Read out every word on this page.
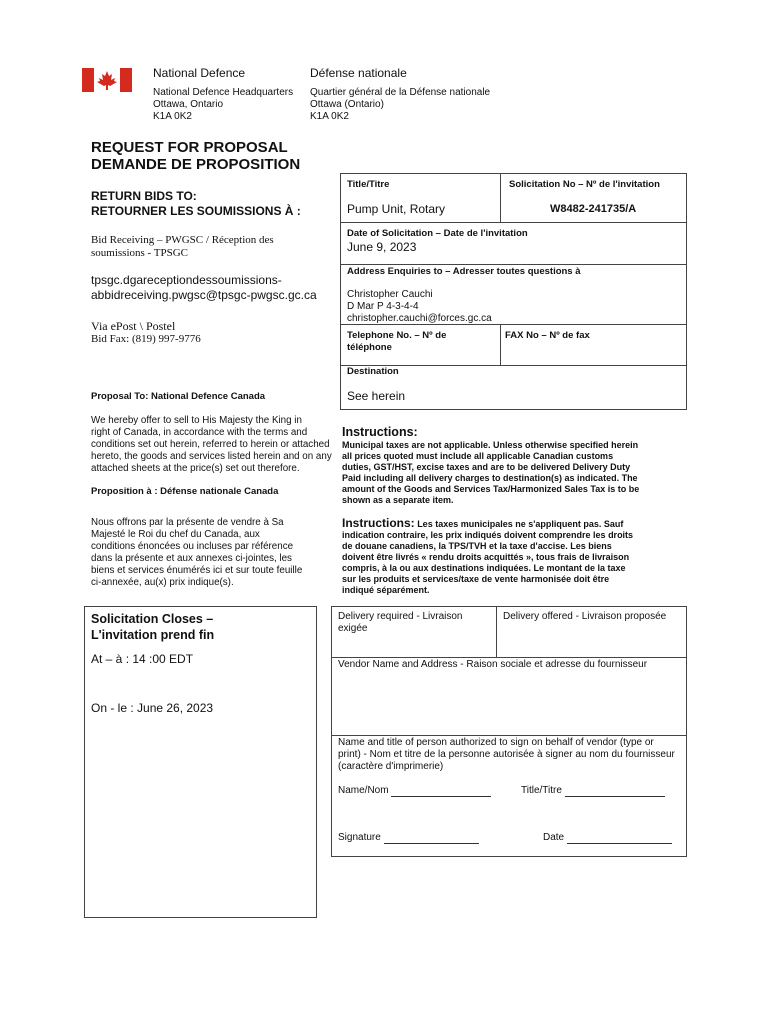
National Defence	Défense nationale
National Defence Headquarters
Ottawa, Ontario
K1A 0K2
Quartier général de la Défense nationale
Ottawa (Ontario)
K1A 0K2
REQUEST FOR PROPOSAL
DEMANDE DE PROPOSITION
RETURN BIDS TO:
RETOURNER LES SOUMISSIONS À :
Bid Receiving – PWGSC / Réception des
soumissions - TPSGC
tpsgc.dgareceptiondessoumissions-
abbidreceiving.pwgsc@tpsgc-pwgsc.gc.ca
Via ePost \ Postel
Bid Fax: (819) 997-9776
Proposal To: National Defence Canada
We hereby offer to sell to His Majesty the King in
right of Canada, in accordance with the terms and
conditions set out herein, referred to herein or attached
hereto, the goods and services listed herein and on any
attached sheets at the price(s) set out therefore.
Proposition à : Défense nationale Canada
Nous offrons par la présente de vendre à Sa
Majesté le Roi du chef du Canada, aux
conditions énoncées ou incluses par référence
dans la présente et aux annexes ci-jointes, les
biens et services énumérés ici et sur toute feuille
ci-annexée, au(x) prix indique(s).
Solicitation Closes –
L'invitation prend fin
At – à : 14 :00 EDT
On - le : June 26, 2023
Title/Titre
Pump Unit, Rotary
Solicitation No – Nº de l'invitation
W8482-241735/A
Date of Solicitation – Date de l'invitation
June 9, 2023
Address Enquiries to – Adresser toutes questions à
Christopher Cauchi
D Mar P 4-3-4-4
christopher.cauchi@forces.gc.ca
Telephone No. – Nº de
téléphone
FAX No – Nº de fax
Destination
See herein
Instructions:
Municipal taxes are not applicable. Unless otherwise specified herein
all prices quoted must include all applicable Canadian customs
duties, GST/HST, excise taxes and are to be delivered Delivery Duty
Paid including all delivery charges to destination(s) as indicated. The
amount of the Goods and Services Tax/Harmonized Sales Tax is to be
shown as a separate item.
Instructions: Les taxes municipales ne s'appliquent pas. Sauf
indication contraire, les prix indiqués doivent comprendre les droits
de douane canadiens, la TPS/TVH et la taxe d'accise. Les biens
doivent être livrés « rendu droits acquittés », tous frais de livraison
compris, à la ou aux destinations indiquées. Le montant de la taxe
sur les produits et services/taxe de vente harmonisée doit être
indiqué séparément.
Delivery required - Livraison
exigée
Delivery offered - Livraison proposée
Vendor Name and Address - Raison sociale et adresse du fournisseur
Name and title of person authorized to sign on behalf of vendor (type or
print) - Nom et titre de la personne autorisée à signer au nom du fournisseur
(caractère d'imprimerie)
Name/Nom	Title/Titre
Signature	Date
